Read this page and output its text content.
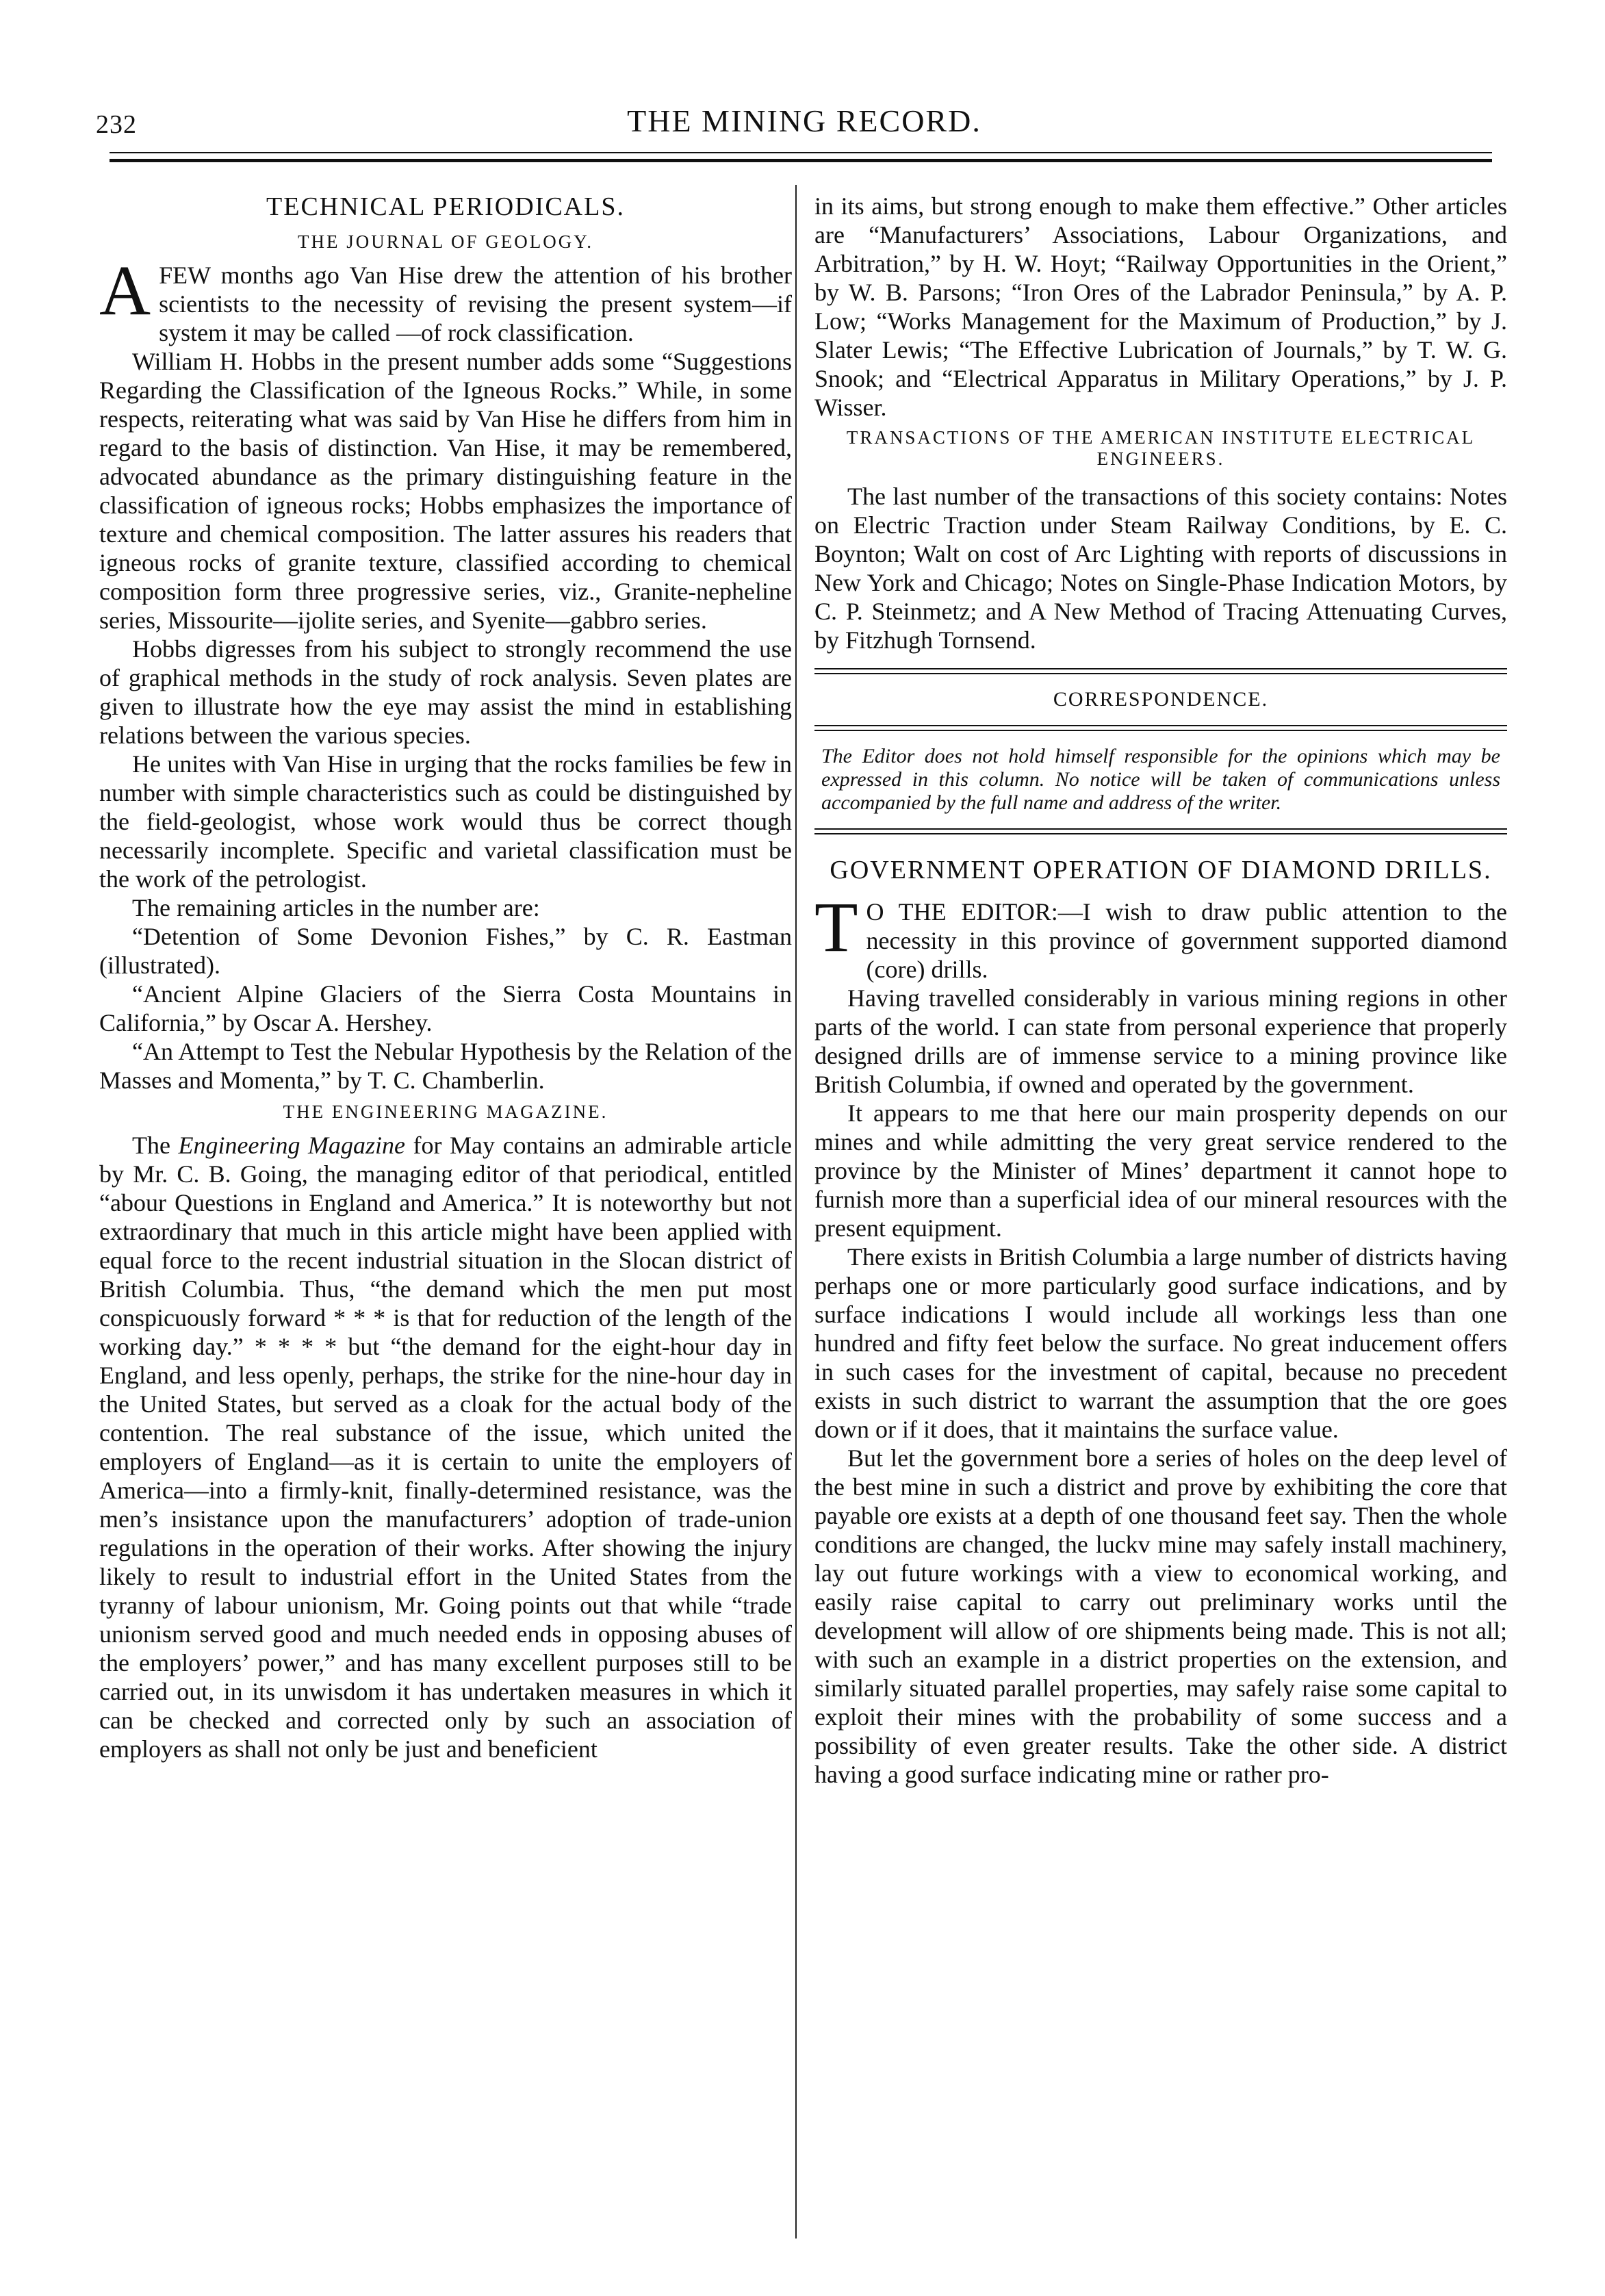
232	THE MINING RECORD.
TECHNICAL PERIODICALS.
THE JOURNAL OF GEOLOGY.

AFEW months ago Van Hise drew the attention of his brother scientists to the necessity of revising the present system—if system it may be called —of rock classification.

William H. Hobbs in the present number adds some “Suggestions Regarding the Classification of the Igneous Rocks.” While, in some respects, reiterating what was said by Van Hise he differs from him in regard to the basis of distinction. Van Hise, it may be remembered, advocated abundance as the primary distinguishing feature in the classification of igneous rocks; Hobbs emphasizes the importance of texture and chemical composition. The latter assures his readers that igneous rocks of granite texture, classified according to chemical composition form three progressive series, viz., Granite-nepheline series, Missourite—ijolite series, and Syenite—gabbro series.

Hobbs digresses from his subject to strongly recommend the use of graphical methods in the study of rock analysis. Seven plates are given to illustrate how the eye may assist the mind in establishing relations between the various species.

He unites with Van Hise in urging that the rocks families be few in number with simple characteristics such as could be distinguished by the field-geologist, whose work would thus be correct though necessarily incomplete. Specific and varietal classification must be the work of the petrologist.

The remaining articles in the number are:

“Detention of Some Devonion Fishes,” by C. R. Eastman (illustrated).

“Ancient Alpine Glaciers of the Sierra Costa Mountains in California,” by Oscar A. Hershey.

“An Attempt to Test the Nebular Hypothesis by the Relation of the Masses and Momenta,” by T. C. Chamberlin.

THE ENGINEERING MAGAZINE.

The Engineering Magazine for May contains an admirable article by Mr. C. B. Going, the managing editor of that periodical, entitled “abour Questions in England and America.” It is noteworthy but not extraordinary that much in this article might have been applied with equal force to the recent industrial situation in the Slocan district of British Columbia. Thus, “the demand which the men put most conspicuously forward * * * is that for reduction of the length of the working day.” * * * * but “the demand for the eight-hour day in England, and less openly, perhaps, the strike for the nine-hour day in the United States, but served as a cloak for the actual body of the contention. The real substance of the issue, which united the employers of England—as it is certain to unite the employers of America—into a firmly-knit, finally-determined resistance, was the men’s insistance upon the manufacturers’ adoption of trade-union regulations in the operation of their works. After showing the injury likely to result to industrial effort in the United States from the tyranny of labour unionism, Mr. Going points out that while “trade unionism served good and much needed ends in opposing abuses of the employers’ power,” and has many excellent purposes still to be carried out, in its unwisdom it has undertaken measures in which it can be checked and corrected only by such an association of employers as shall not only be just and beneficient

in its aims, but strong enough to make them effective.” Other articles are “Manufacturers’ Associations, Labour Organizations, and Arbitration,” by H. W. Hoyt; “Railway Opportunities in the Orient,” by W. B. Parsons; “Iron Ores of the Labrador Peninsula,” by A. P. Low; “Works Management for the Maximum of Production,” by J. Slater Lewis; “The Effective Lubrication of Journals,” by T. W. G. Snook; and “Electrical Apparatus in Military Operations,” by J. P. Wisser.

TRANSACTIONS OF THE AMERICAN INSTITUTE ELECTRICAL ENGINEERS.

The last number of the transactions of this society contains: Notes on Electric Traction under Steam Railway Conditions, by E. C. Boynton; Walt on cost of Arc Lighting with reports of discussions in New York and Chicago; Notes on Single-Phase Indication Motors, by C. P. Steinmetz; and A New Method of Tracing Attenuating Curves, by Fitzhugh Tornsend.

CORRESPONDENCE.
The Editor does not hold himself responsible for the opinions which may be expressed in this column. No notice will be taken of communications unless accompanied by the full name and address of the writer.
GOVERNMENT OPERATION OF DIAMOND DRILLS.

T O THE EDITOR:—I wish to draw public attention to the necessity in this province of government supported diamond (core) drills.

Having travelled considerably in various mining regions in other parts of the world. I can state from personal experience that properly designed drills are of immense service to a mining province like British Columbia, if owned and operated by the government.

It appears to me that here our main prosperity depends on our mines and while admitting the very great service rendered to the province by the Minister of Mines’ department it cannot hope to furnish more than a superficial idea of our mineral resources with the present equipment.

There exists in British Columbia a large number of districts having perhaps one or more particularly good surface indications, and by surface indications I would include all workings less than one hundred and fifty feet below the surface. No great inducement offers in such cases for the investment of capital, because no precedent exists in such district to warrant the assumption that the ore goes down or if it does, that it maintains the surface value.

But let the government bore a series of holes on the deep level of the best mine in such a district and prove by exhibiting the core that payable ore exists at a depth of one thousand feet say. Then the whole conditions are changed, the luckv mine may safely install machinery, lay out future workings with a view to economical working, and easily raise capital to carry out preliminary works until the development will allow of ore shipments being made. This is not all; with such an example in a district properties on the extension, and similarly situated parallel properties, may safely raise some capital to exploit their mines with the probability of some success and a possibility of even greater results. Take the other side. A district having a good surface indicating mine or rather pro-
